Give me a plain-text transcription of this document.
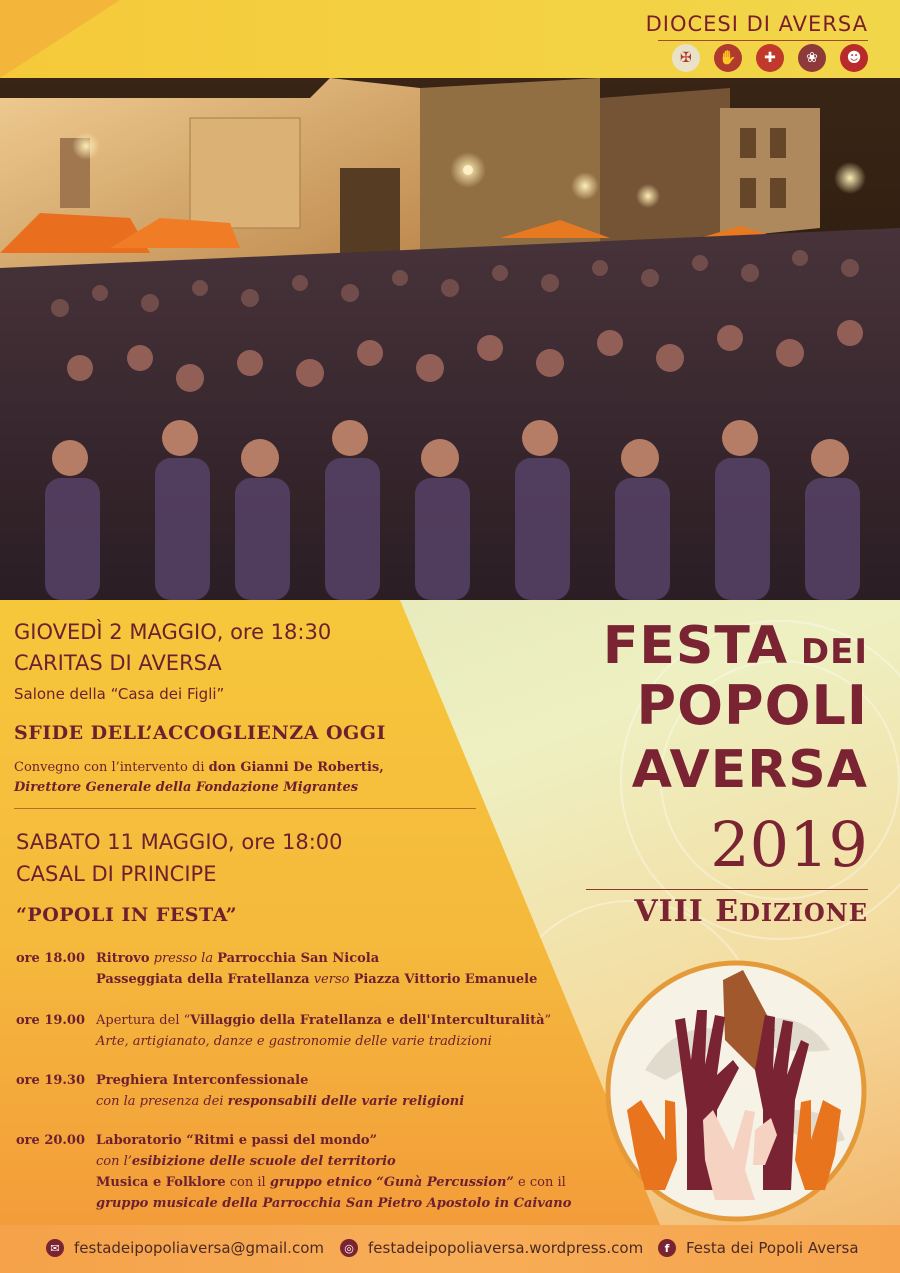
DIOCESI DI AVERSA
✠	✋	✚	❀	☻
GIOVEDÌ 2 MAGGIO, ore 18:30
CARITAS DI AVERSA
Salone della “Casa dei Figli”
SFIDE DELL’ACCOGLIENZA OGGI
Convegno con l’intervento di don Gianni De Robertis,
Direttore Generale della Fondazione Migrantes
SABATO 11 MAGGIO, ore 18:00
CASAL DI PRINCIPE
“POPOLI IN FESTA”
ore 18.00 Ritrovo presso la Parrocchia San Nicola
Passeggiata della Fratellanza verso Piazza Vittorio Emanuele
ore 19.00 Apertura del “Villaggio della Fratellanza e dell'Interculturalità”
Arte, artigianato, danze e gastronomie delle varie tradizioni
ore 19.30 Preghiera Interconfessionale
con la presenza dei responsabili delle varie religioni
ore 20.00 Laboratorio “Ritmi e passi del mondo”
con l’esibizione delle scuole del territorio
Musica e Folklore con il gruppo etnico “Gunà Percussion” e con il
gruppo musicale della Parrocchia San Pietro Apostolo in Caivano
FESTA DEI
POPOLI
AVERSA
2019
VIII EDIZIONE
✉ festadeipopoliaversa@gmail.com	◎ festadeipopoliaversa.wordpress.com	f	Festa dei Popoli Aversa
